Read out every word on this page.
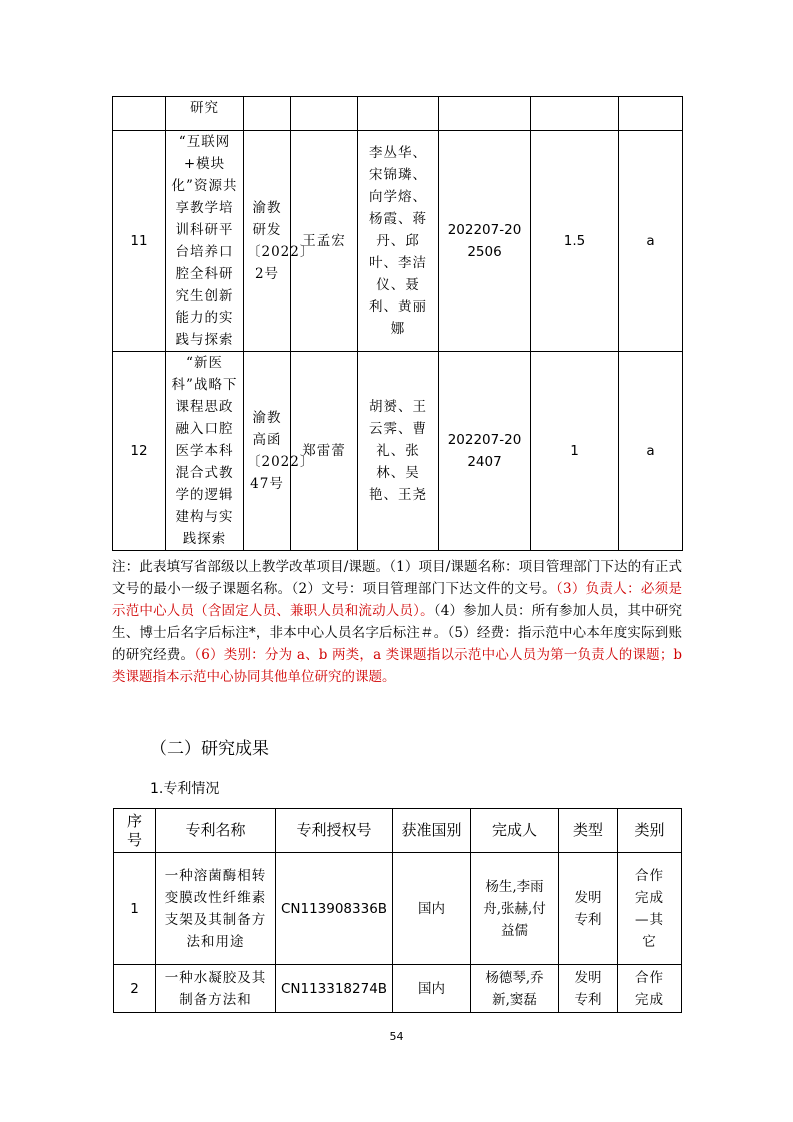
	研究						
11	“互联网+模块化”资源共享教学培训科研平台培养口腔全科研究生创新能力的实践与探索	渝教研发〔2022〕2号	王孟宏	李丛华、宋锦璘、向学熔、杨霞、蒋丹、邱叶、李洁仪、聂利、黄丽娜	202207-202506	1.5	a
12	“新医科”战略下课程思政融入口腔医学本科混合式教学的逻辑建构与实践探索	渝教高函〔2022〕47号	郑雷蕾	胡赟、王云霁、曹礼、张林、吴艳、王尧	202207-202407	1	a
注：此表填写省部级以上教学改革项目/课题。（1）项目/课题名称：项目管理部门下达的有正式文号的最小一级子课题名称。（2）文号：项目管理部门下达文件的文号。（3）负责人：必须是示范中心人员（含固定人员、兼职人员和流动人员）。（4）参加人员：所有参加人员，其中研究生、博士后名字后标注*，非本中心人员名字后标注＃。（5）经费：指示范中心本年度实际到账的研究经费。（6）类别：分为 a、b 两类，a 类课题指以示范中心人员为第一负责人的课题；b 类课题指本示范中心协同其他单位研究的课题。
（二）研究成果
1.专利情况
序号	专利名称	专利授权号	获准国别	完成人	类型	类别
1	一种溶菌酶相转变膜改性纤维素支架及其制备方法和用途	CN113908336B	国内	杨生,李雨舟,张赫,付益儒	发明专利	合作完成—其它
2	一种水凝胶及其制备方法和	CN113318274B	国内	杨德琴,乔新,窦磊	发明专利	合作完成
54
